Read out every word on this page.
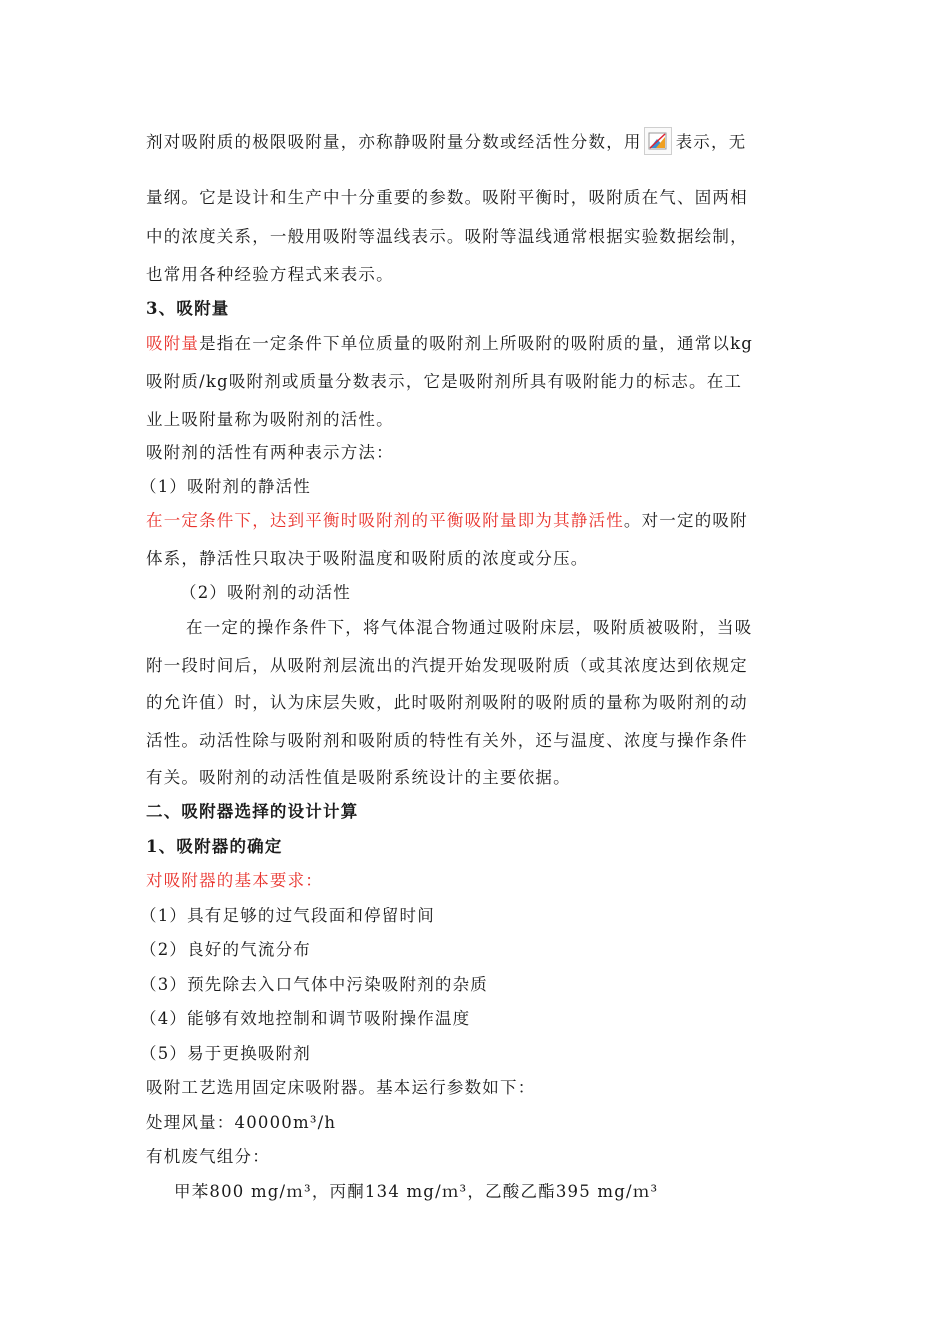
剂对吸附质的极限吸附量，亦称静吸附量分数或经活性分数，用 表示，无

量纲。它是设计和生产中十分重要的参数。吸附平衡时，吸附质在气、固两相

中的浓度关系，一般用吸附等温线表示。吸附等温线通常根据实验数据绘制，

也常用各种经验方程式来表示。

3、吸附量

吸附量是指在一定条件下单位质量的吸附剂上所吸附的吸附质的量，通常以kg

吸附质/kg吸附剂或质量分数表示，它是吸附剂所具有吸附能力的标志。在工

业上吸附量称为吸附剂的活性。

吸附剂的活性有两种表示方法：

（1）吸附剂的静活性

在一定条件下，达到平衡时吸附剂的平衡吸附量即为其静活性。对一定的吸附

体系，静活性只取决于吸附温度和吸附质的浓度或分压。

（2）吸附剂的动活性

在一定的操作条件下，将气体混合物通过吸附床层，吸附质被吸附，当吸

附一段时间后，从吸附剂层流出的汽提开始发现吸附质（或其浓度达到依规定

的允许值）时，认为床层失败，此时吸附剂吸附的吸附质的量称为吸附剂的动

活性。动活性除与吸附剂和吸附质的特性有关外，还与温度、浓度与操作条件

有关。吸附剂的动活性值是吸附系统设计的主要依据。

二、吸附器选择的设计计算

1、吸附器的确定

对吸附器的基本要求：

（1）具有足够的过气段面和停留时间

（2）良好的气流分布

（3）预先除去入口气体中污染吸附剂的杂质

（4）能够有效地控制和调节吸附操作温度

（5）易于更换吸附剂

吸附工艺选用固定床吸附器。基本运行参数如下：

处理风量：40000m³/h

有机废气组分：

甲苯800 mg/ｍ³，丙酮134 mg/ｍ³，乙酸乙酯395 mg/ｍ³
